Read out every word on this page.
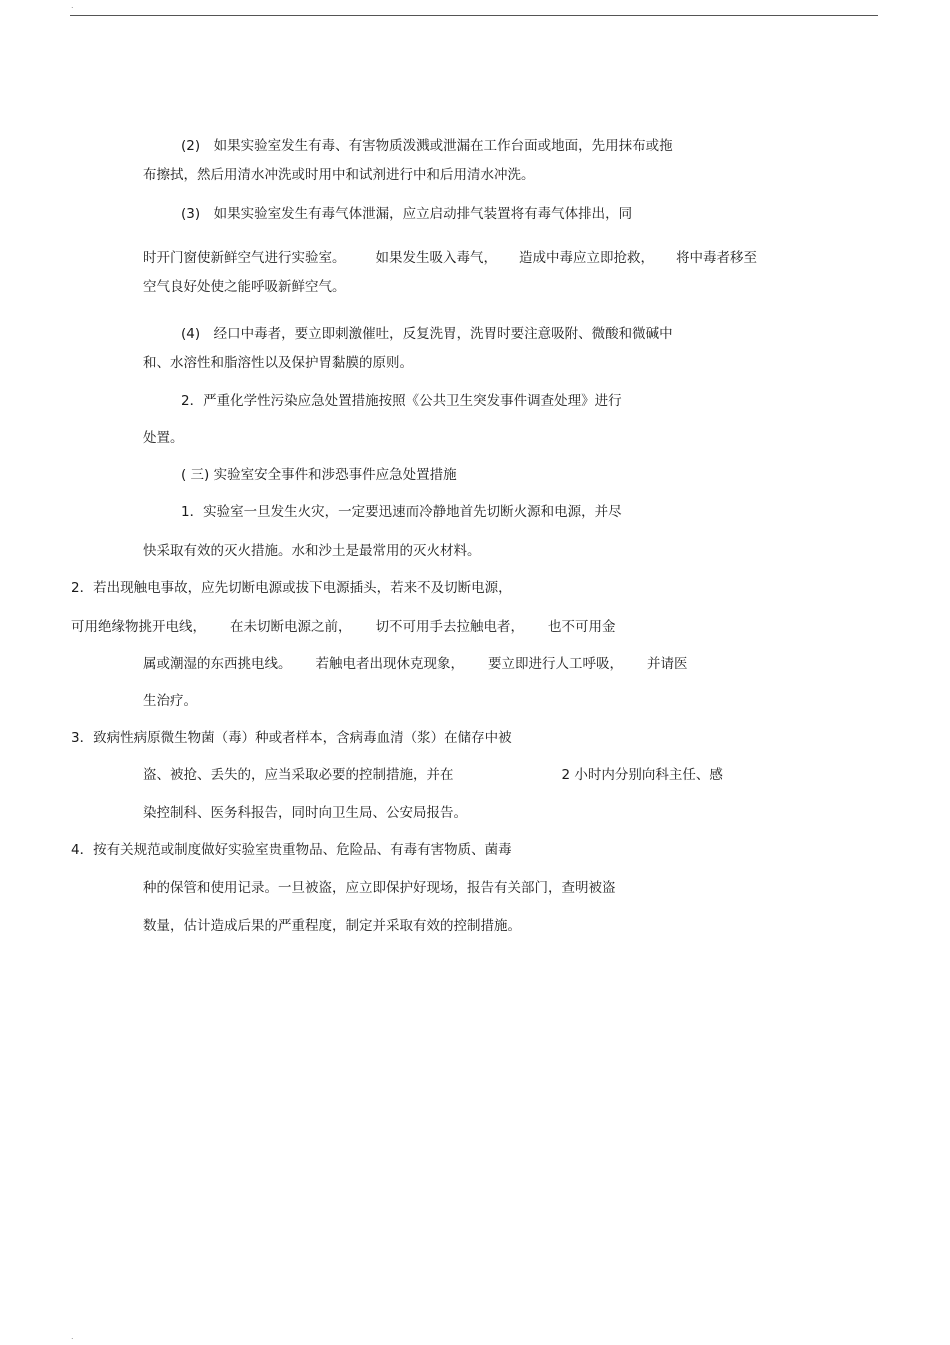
.
(2)　如果实验室发生有毒、有害物质泼溅或泄漏在工作台面或地面，先用抹布或拖
布擦拭，然后用清水冲洗或时用中和试剂进行中和后用清水冲洗。
(3)　如果实验室发生有毒气体泄漏，应立启动排气装置将有毒气体排出，同
时开门窗使新鲜空气进行实验室。 如果发生吸入毒气， 造成中毒应立即抢救， 将中毒者移至
空气良好处使之能呼吸新鲜空气。
(4)　经口中毒者，要立即刺激催吐，反复洗胃，洗胃时要注意吸附、微酸和微碱中
和、水溶性和脂溶性以及保护胃黏膜的原则。
2．严重化学性污染应急处置措施按照《公共卫生突发事件调查处理》进行
处置。
( 三) 实验室安全事件和涉恐事件应急处置措施
1．实验室一旦发生火灾，一定要迅速而冷静地首先切断火源和电源，并尽
快采取有效的灭火措施。水和沙土是最常用的灭火材料。
2．若出现触电事故，应先切断电源或拔下电源插头，若来不及切断电源，
可用绝缘物挑开电线， 在未切断电源之前， 切不可用手去拉触电者， 也不可用金
属或潮湿的东西挑电线。 若触电者出现休克现象， 要立即进行人工呼吸， 并请医
生治疗。
3．致病性病原微生物菌（毒）种或者样本，含病毒血清（浆）在储存中被
盗、被抢、丢失的，应当采取必要的控制措施，并在	2 小时内分别向科主任、感
染控制科、医务科报告，同时向卫生局、公安局报告。
4．按有关规范或制度做好实验室贵重物品、危险品、有毒有害物质、菌毒
种的保管和使用记录。一旦被盗，应立即保护好现场，报告有关部门，查明被盗
数量，估计造成后果的严重程度，制定并采取有效的控制措施。
.
